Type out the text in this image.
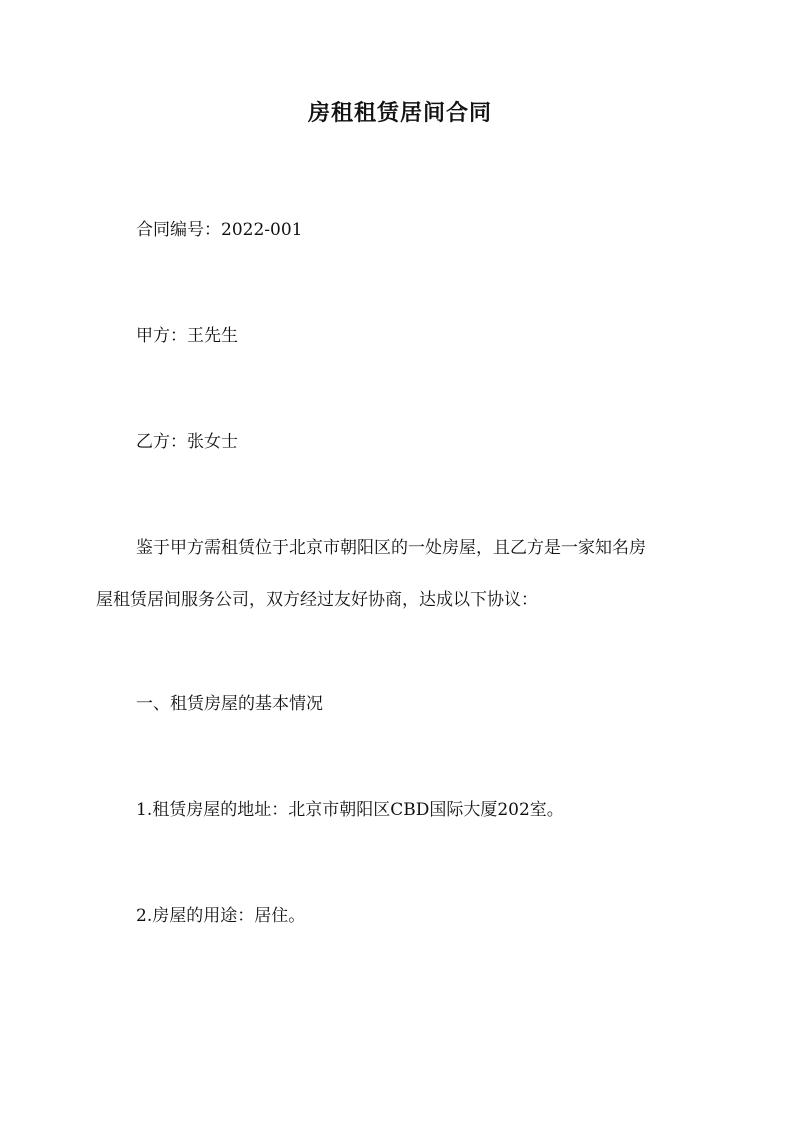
房租租赁居间合同
合同编号：2022-001
甲方：王先生
乙方：张女士
鉴于甲方需租赁位于北京市朝阳区的一处房屋，且乙方是一家知名房
屋租赁居间服务公司，双方经过友好协商，达成以下协议：
一、租赁房屋的基本情况
1.租赁房屋的地址：北京市朝阳区CBD国际大厦202室。
2.房屋的用途：居住。
